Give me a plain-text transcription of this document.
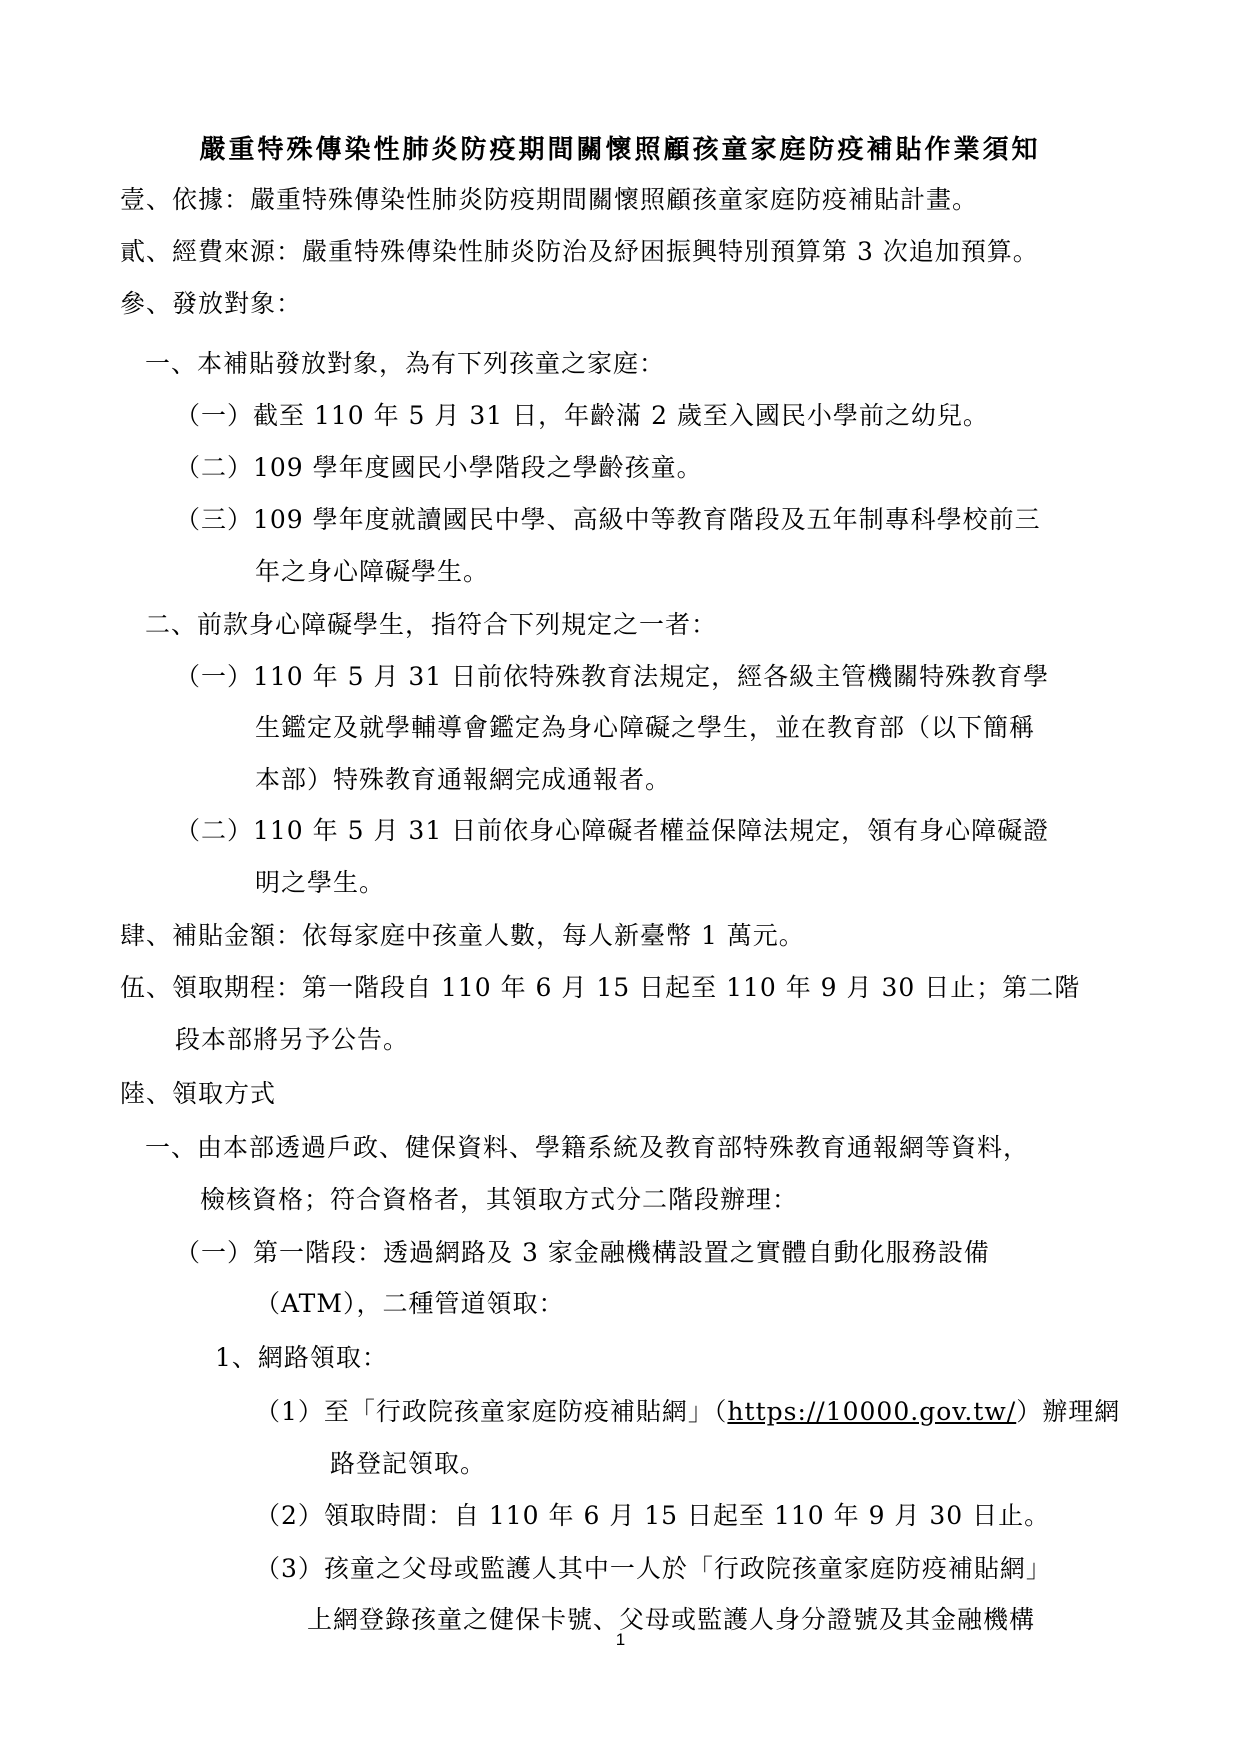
嚴重特殊傳染性肺炎防疫期間關懷照顧孩童家庭防疫補貼作業須知
壹、依據：嚴重特殊傳染性肺炎防疫期間關懷照顧孩童家庭防疫補貼計畫。
貳、經費來源：嚴重特殊傳染性肺炎防治及紓困振興特別預算第 3 次追加預算。
參、發放對象：
一、本補貼發放對象，為有下列孩童之家庭：
（一）截至 110 年 5 月 31 日，年齡滿 2 歲至入國民小學前之幼兒。
（二）109 學年度國民小學階段之學齡孩童。
（三）109 學年度就讀國民中學、高級中等教育階段及五年制專科學校前三
年之身心障礙學生。
二、前款身心障礙學生，指符合下列規定之一者：
（一）110 年 5 月 31 日前依特殊教育法規定，經各級主管機關特殊教育學
生鑑定及就學輔導會鑑定為身心障礙之學生，並在教育部（以下簡稱
本部）特殊教育通報網完成通報者。
（二）110 年 5 月 31 日前依身心障礙者權益保障法規定，領有身心障礙證
明之學生。
肆、補貼金額：依每家庭中孩童人數，每人新臺幣 1 萬元。
伍、領取期程：第一階段自 110 年 6 月 15 日起至 110 年 9 月 30 日止；第二階
段本部將另予公告。
陸、領取方式
一、由本部透過戶政、健保資料、學籍系統及教育部特殊教育通報網等資料，
檢核資格；符合資格者，其領取方式分二階段辦理：
（一）第一階段：透過網路及 3 家金融機構設置之實體自動化服務設備
（ATM），二種管道領取：
1、網路領取：
（1）至「行政院孩童家庭防疫補貼網」（https://10000.gov.tw/）辦理網
路登記領取。
（2）領取時間：自 110 年 6 月 15 日起至 110 年 9 月 30 日止。
（3）孩童之父母或監護人其中一人於「行政院孩童家庭防疫補貼網」
上網登錄孩童之健保卡號、父母或監護人身分證號及其金融機構
1
